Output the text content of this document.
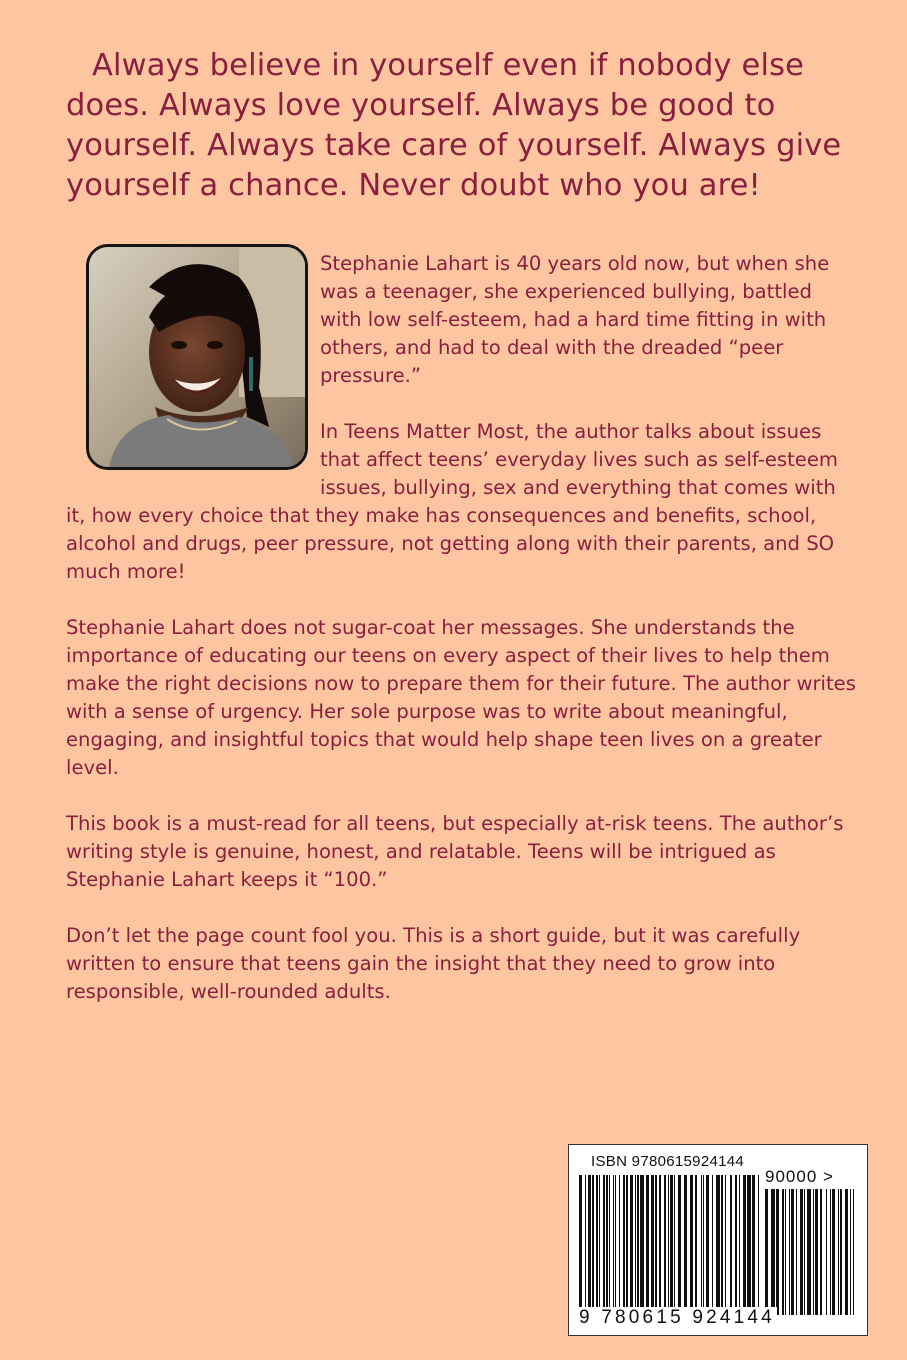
Always believe in yourself even if nobody else does. Always love yourself. Always be good to yourself. Always take care of yourself. Always give yourself a chance. Never doubt who you are!

Stephanie Lahart is 40 years old now, but when she was a teenager, she experienced bullying, battled with low self-esteem, had a hard time fitting in with others, and had to deal with the dreaded “peer pressure.”

In Teens Matter Most, the author talks about issues that affect teens’ everyday lives such as self-esteem issues, bullying, sex and everything that comes with it, how every choice that they make has consequences and benefits, school, alcohol and drugs, peer pressure, not getting along with their parents, and SO much more!

Stephanie Lahart does not sugar-coat her messages. She understands the importance of educating our teens on every aspect of their lives to help them make the right decisions now to prepare them for their future. The author writes with a sense of urgency. Her sole purpose was to write about meaningful, engaging, and insightful topics that would help shape teen lives on a greater level.

This book is a must-read for all teens, but especially at-risk teens. The author’s writing style is genuine, honest, and relatable. Teens will be intrigued as Stephanie Lahart keeps it “100.”

Don’t let the page count fool you. This is a short guide, but it was carefully written to ensure that teens gain the insight that they need to grow into responsible, well-rounded adults.

ISBN 9780615924144
90000 >
9 780615 924144
